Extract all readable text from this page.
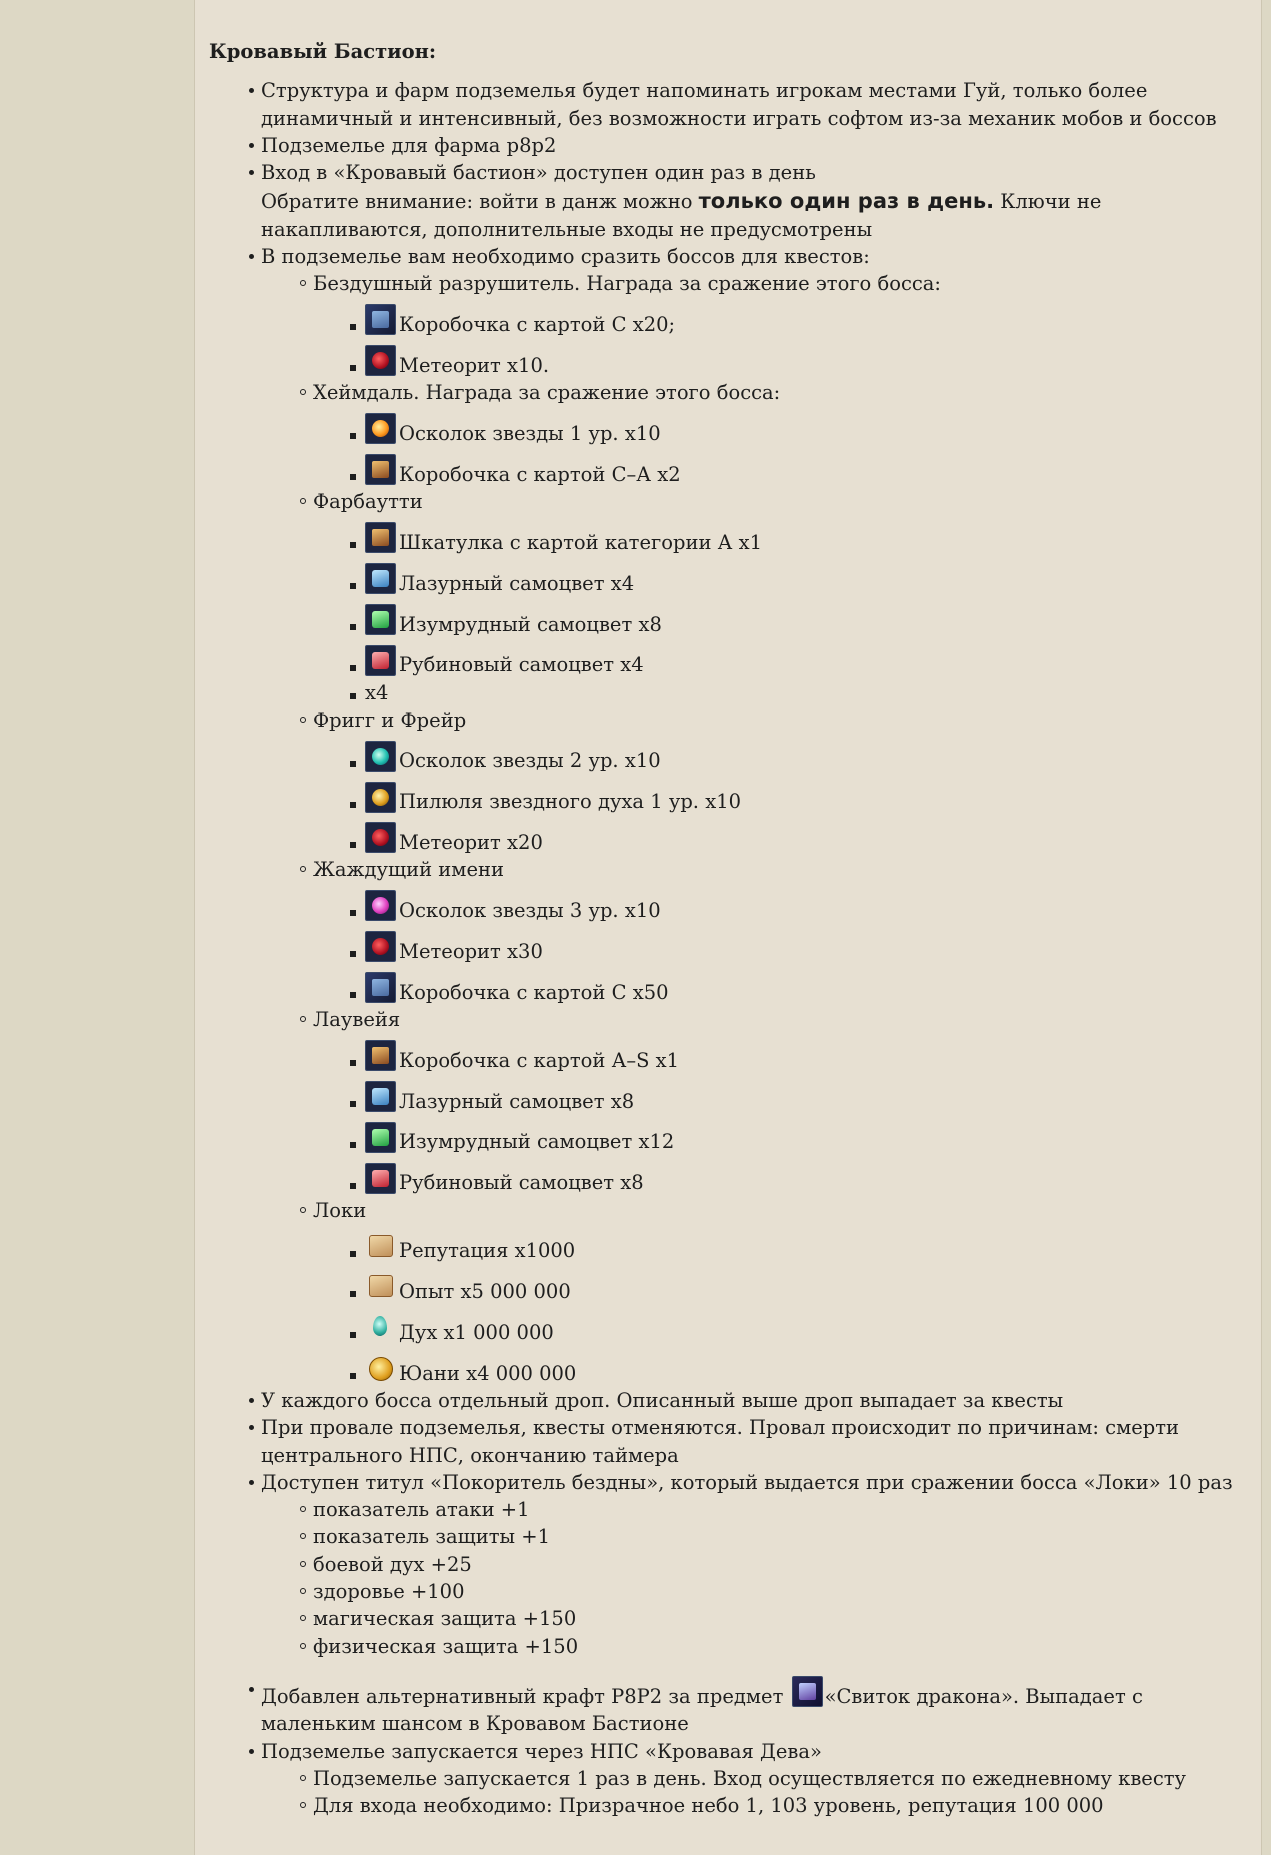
Кровавый Бастион:
Структура и фарм подземелья будет напоминать игрокам местами Гуй, только более динамичный и интенсивный, без возможности играть софтом из-за механик мобов и боссов
Подземелье для фарма р8р2
Вход в «Кровавый бастион» доступен один раз в день
Обратите внимание: войти в данж можно только один раз в день. Ключи не накапливаются, дополнительные входы не предусмотрены
В подземелье вам необходимо сразить боссов для квестов:
Бездушный разрушитель. Награда за сражение этого босса:
Коробочка с картой С х20;
Метеорит х10.
Хеймдаль. Награда за сражение этого босса:
Осколок звезды 1 ур. х10
Коробочка с картой С–А х2
Фарбаутти
Шкатулка с картой категории А х1
Лазурный самоцвет х4
Изумрудный самоцвет х8
Рубиновый самоцвет х4
х4
Фригг и Фрейр
Осколок звезды 2 ур. х10
Пилюля звездного духа 1 ур. х10
Метеорит х20
Жаждущий имени
Осколок звезды 3 ур. х10
Метеорит х30
Коробочка с картой С х50
Лаувейя
Коробочка с картой А–S х1
Лазурный самоцвет х8
Изумрудный самоцвет х12
Рубиновый самоцвет х8
Локи
Репутация х1000
Опыт х5 000 000
Дух х1 000 000
Юани х4 000 000
У каждого босса отдельный дроп. Описанный выше дроп выпадает за квесты
При провале подземелья, квесты отменяются. Провал происходит по причинам: смерти центрального НПС, окончанию таймера
Доступен титул «Покоритель бездны», который выдается при сражении босса «Локи» 10 раз
показатель атаки +1
показатель защиты +1
боевой дух +25
здоровье +100
магическая защита +150
физическая защита +150
Добавлен альтернативный крафт Р8Р2 за предмет
«Свиток дракона». Выпадает с маленьким шансом в Кровавом Бастионе
Подземелье запускается через НПС «Кровавая Дева»
Подземелье запускается 1 раз в день. Вход осуществляется по ежедневному квесту
Для входа необходимо: Призрачное небо 1, 103 уровень, репутация 100 000
